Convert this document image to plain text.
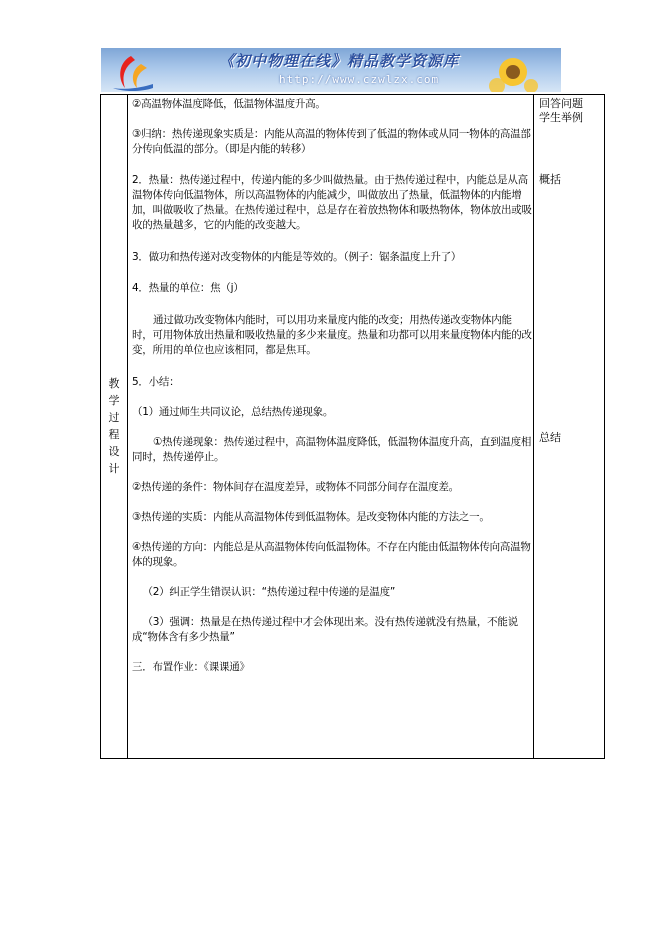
《初中物理在线》精品教学资源库
http://www.czwlzx.com
教
学
过
程
设
计

②高温物体温度降低，低温物体温度升高。

③归纳：热传递现象实质是：内能从高温的物体传到了低温的物体或从同一物体的高温部分传向低温的部分。（即是内能的转移）

2．热量：热传递过程中，传递内能的多少叫做热量。由于热传递过程中，内能总是从高温物体传向低温物体，所以高温物体的内能减少，叫做放出了热量，低温物体的内能增加，叫做吸收了热量。在热传递过程中，总是存在着放热物体和吸热物体，物体放出或吸收的热量越多，它的内能的改变越大。

3．做功和热传递对改变物体的内能是等效的。（例子：锯条温度上升了）

4．热量的单位：焦（j）

通过做功改变物体内能时，可以用功来量度内能的改变；用热传递改变物体内能时，可用物体放出热量和吸收热量的多少来量度。热量和功都可以用来量度物体内能的改变，所用的单位也应该相同，都是焦耳。

5．小结：

（1）通过师生共同议论，总结热传递现象。

①热传递现象：热传递过程中，高温物体温度降低，低温物体温度升高，直到温度相同时，热传递停止。

②热传递的条件：物体间存在温度差异，或物体不同部分间存在温度差。

③热传递的实质：内能从高温物体传到低温物体。是改变物体内能的方法之一。

④热传递的方向：内能总是从高温物体传向低温物体。不存在内能由低温物体传向高温物体的现象。

（2）纠正学生错误认识：“热传递过程中传递的是温度”

（3）强调：热量是在热传递过程中才会体现出来。没有热传递就没有热量，不能说成“物体含有多少热量”

三．布置作业：《课课通》

回答问题
学生举例
概括
总结
